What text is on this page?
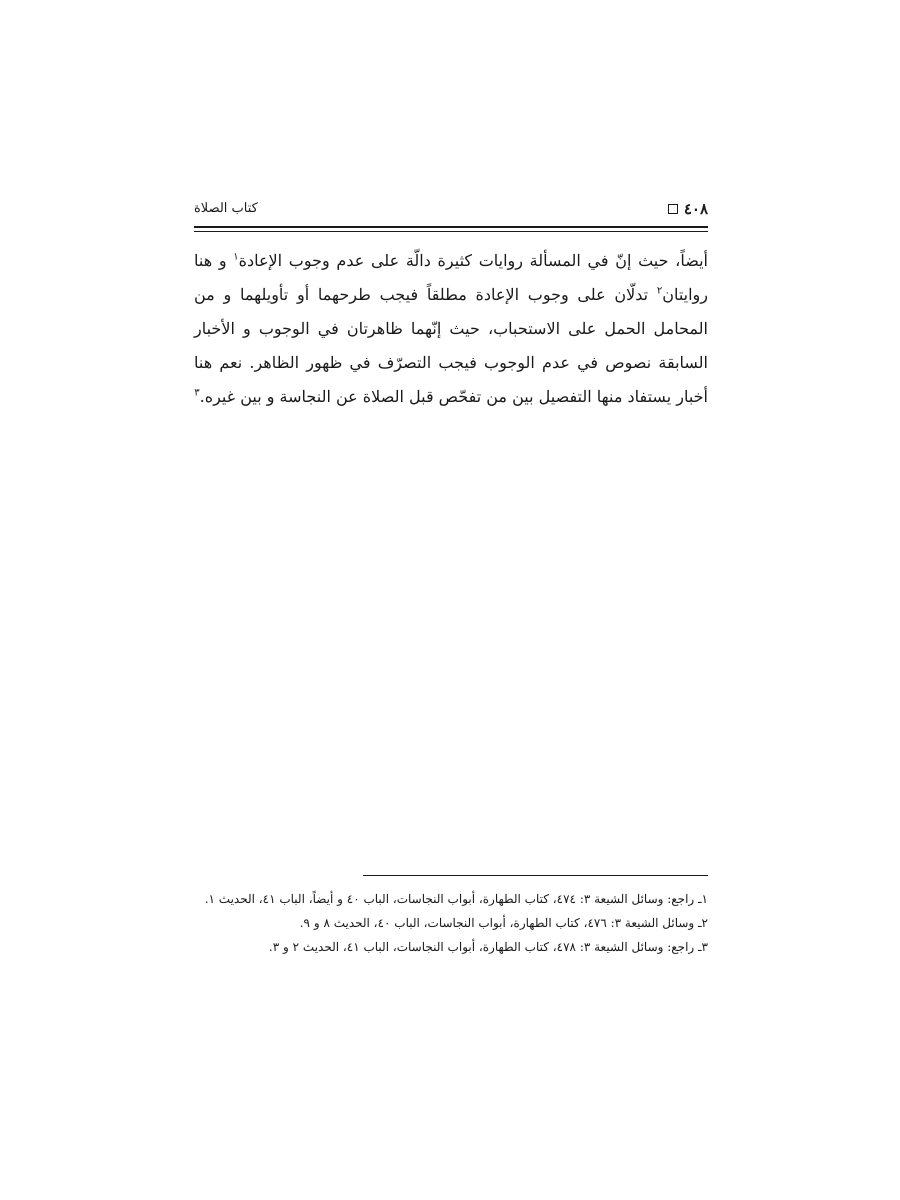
٤٠٨
كتاب الصلاة

أيضاً، حيث إنّ في المسألة روايات كثيرة دالّة على عدم وجوب الإعادة$^١$ و هنا روايتان$^٢$ تدلّان على وجوب الإعادة مطلقاً فيجب طرحهما أو تأويلهما و من المحامل الحمل على الاستحباب، حيث إنّهما ظاهرتان في الوجوب و الأخبار السابقة نصوص في عدم الوجوب فيجب التصرّف في ظهور الظاهر. نعم هنا أخبار يستفاد منها التفصيل بين من تفحّص قبل الصلاة عن النجاسة و بين غيره.$^٣$

١ـ راجع: وسائل الشيعة ٣: ٤٧٤، كتاب الطهارة، أبواب النجاسات، الباب ٤٠ و أيضاً، الباب ٤١، الحديث ١.

٢ـ وسائل الشيعة ٣: ٤٧٦، كتاب الطهارة، أبواب النجاسات، الباب ٤٠، الحديث ٨ و ٩.

٣ـ راجع: وسائل الشيعة ٣: ٤٧٨، كتاب الطهارة، أبواب النجاسات، الباب ٤١، الحديث ٢ و ٣.
